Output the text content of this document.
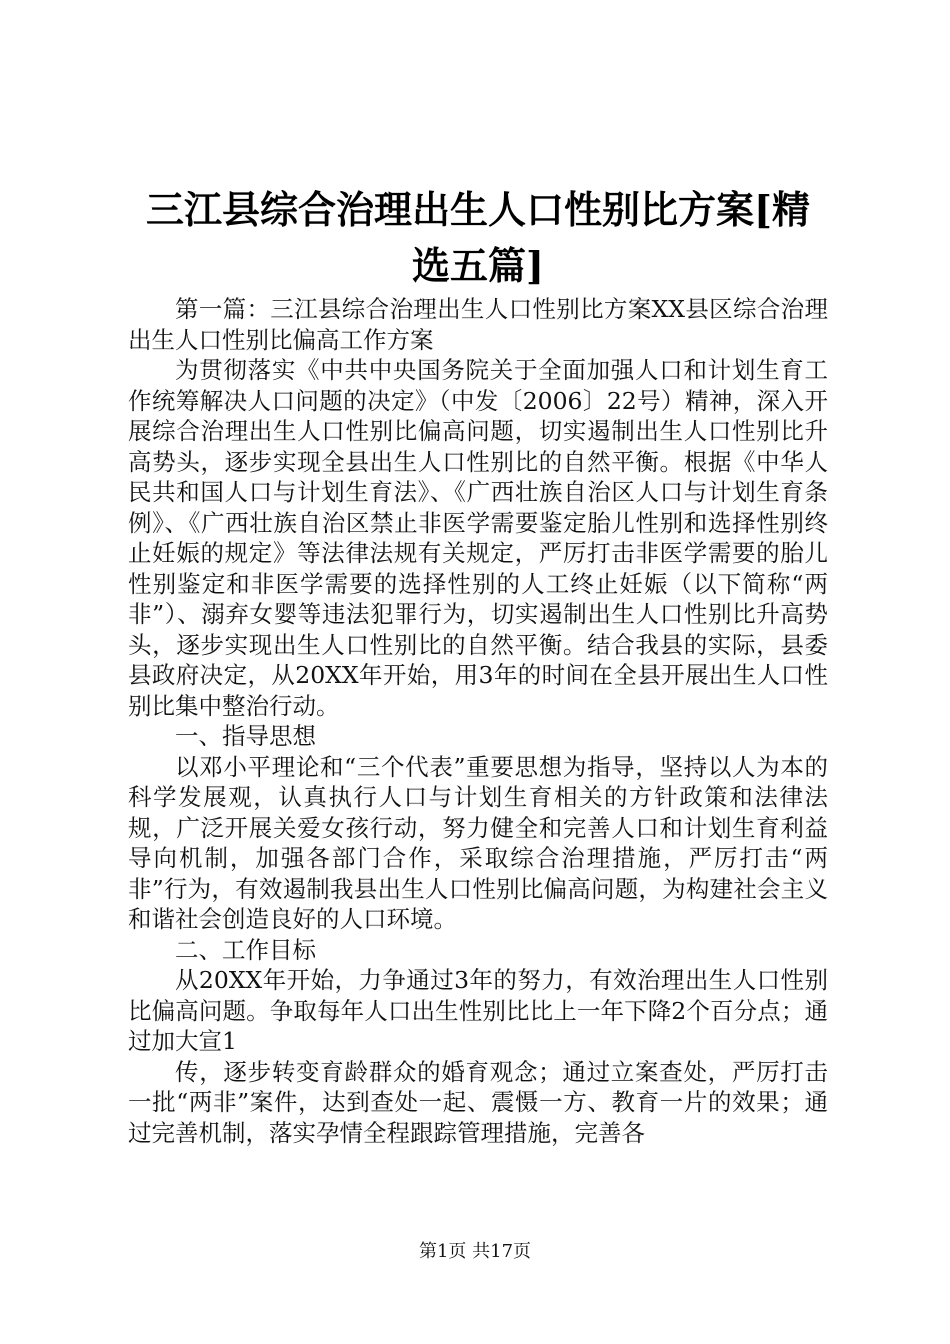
三江县综合治理出生人口性别比方案[精选五篇]

第一篇：三江县综合治理出生人口性别比方案XX县区综合治理出生人口性别比偏高工作方案

为贯彻落实《中共中央国务院关于全面加强人口和计划生育工作统筹解决人口问题的决定》（中发〔2006〕22号）精神，深入开展综合治理出生人口性别比偏高问题，切实遏制出生人口性别比升高势头，逐步实现全县出生人口性别比的自然平衡。根据《中华人民共和国人口与计划生育法》、《广西壮族自治区人口与计划生育条例》、《广西壮族自治区禁止非医学需要鉴定胎儿性别和选择性别终止妊娠的规定》等法律法规有关规定，严厉打击非医学需要的胎儿性别鉴定和非医学需要的选择性别的人工终止妊娠（以下简称“两非”）、溺弃女婴等违法犯罪行为，切实遏制出生人口性别比升高势头，逐步实现出生人口性别比的自然平衡。结合我县的实际，县委县政府决定，从20XX年开始，用3年的时间在全县开展出生人口性别比集中整治行动。

一、指导思想

以邓小平理论和“三个代表”重要思想为指导，坚持以人为本的科学发展观，认真执行人口与计划生育相关的方针政策和法律法规，广泛开展关爱女孩行动，努力健全和完善人口和计划生育利益导向机制，加强各部门合作，采取综合治理措施，严厉打击“两非”行为，有效遏制我县出生人口性别比偏高问题，为构建社会主义和谐社会创造良好的人口环境。

二、工作目标

从20XX年开始，力争通过3年的努力，有效治理出生人口性别比偏高问题。争取每年人口出生性别比比上一年下降2个百分点；通过加大宣1

传，逐步转变育龄群众的婚育观念；通过立案查处，严厉打击一批“两非”案件，达到查处一起、震慑一方、教育一片的效果；通过完善机制，落实孕情全程跟踪管理措施，完善各

第1页 共17页
